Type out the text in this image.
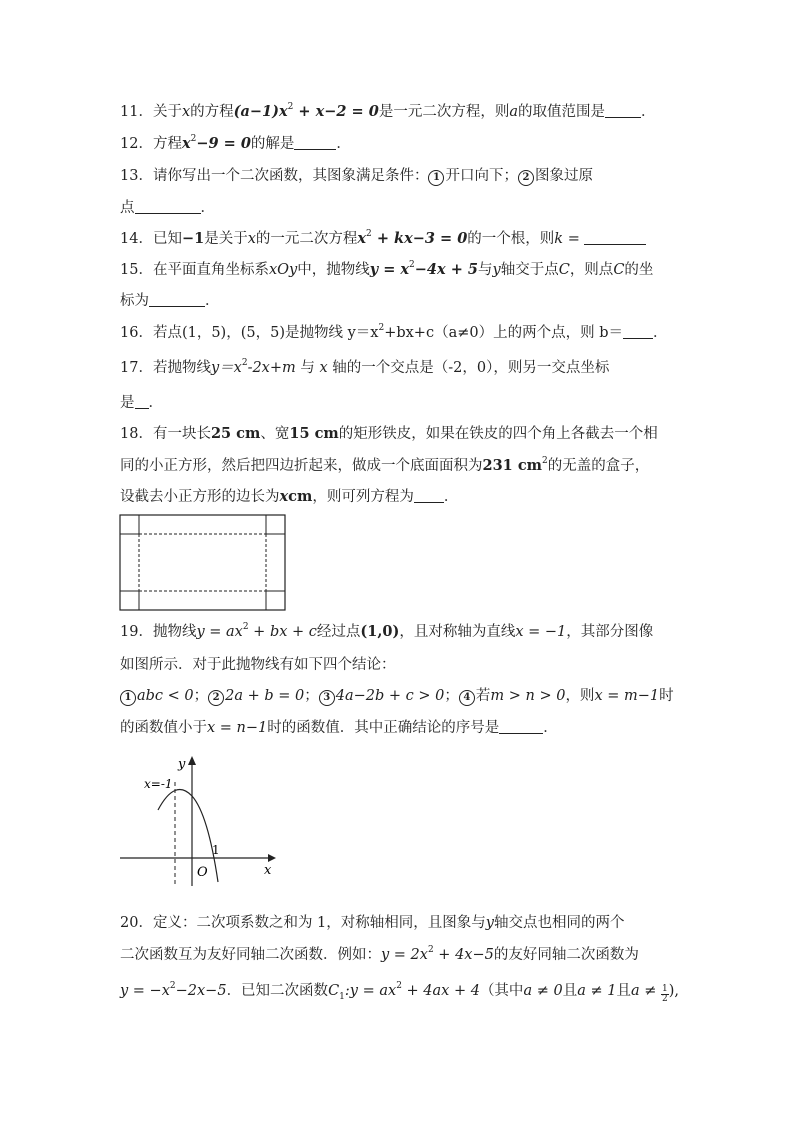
11．关于x的方程$(a-1)x^2 + x-2 = 0$是一元二次方程，则a的取值范围是 ．
12．方程$x^2-9 = 0$的解是	．
13．请你写出一个二次函数，其图象满足条件： 1 开口向下； 2 图象过原
点	．
14．已知−1是关于x的一元二次方程$x^2 + kx-3 = 0$的一个根，则k =
15．在平面直角坐标系xOy中，抛物线$y = x^2-4x + 5$与y轴交于点C，则点C的坐
标为	．
16．若点(1，5)，(5，5)是抛物线 $y=x^2+bx+c(a\ne 0)$上的两个点，则 b＝ ．
17．若抛物线$y=x^2-2x+m$ 与 x 轴的一个交点是（-2，0），则另一交点坐标
是 ．
18．有一块长25 cm、宽15 cm的矩形铁皮，如果在铁皮的四个角上各截去一个相
同的小正方形，然后把四边折起来，做成一个底面面积为231 $cm^2$的无盖的盒子，
设截去小正方形的边长为xcm，则可列方程为 ．
19．抛物线$y = ax^2$ + bx + c经过点(1,0)，且对称轴为直线x = −1，其部分图像
如图所示．对于此抛物线有如下四个结论：
1 abc < 0； 2 2a + b = 0； 3 4a−2b + c > 0； 4 若m > n > 0，则x = m−1时
的函数值小于x = n−1时的函数值．其中正确结论的序号是	．
y
x
x=-1
1
O
20．定义：二次项系数之和为 1，对称轴相同，且图象与y轴交点也相同的两个
二次函数互为友好同轴二次函数．例如：$y = 2x^2 + 4x-5$的友好同轴二次函数为
$y = -x^2-2x-5$．已知二次函数$C_1:y = ax^2 + 4ax + 4$（其中a ≠ 0且a ≠ 1且$a \ne \frac{1}{2}$ ),
